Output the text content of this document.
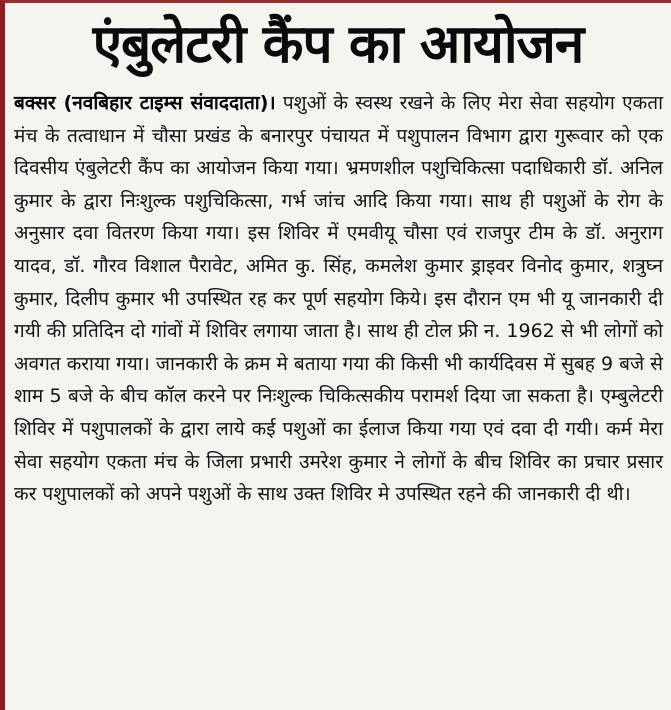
एंबुलेटरी कैंप का आयोजन

बक्सर (नवबिहार टाइम्स संवाददाता)। पशुओं के स्वस्थ रखने के लिए मेरा सेवा सहयोग एकता मंच के तत्वाधान में चौसा प्रखंड के बनारपुर पंचायत में पशुपालन विभाग द्वारा गुरूवार को एक दिवसीय एंबुलेटरी कैंप का आयोजन किया गया। भ्रमणशील पशुचिकित्सा पदाधिकारी डॉ. अनिल कुमार के द्वारा निःशुल्क पशुचिकित्सा, गर्भ जांच आदि किया गया। साथ ही पशुओं के रोग के अनुसार दवा वितरण किया गया। इस शिविर में एमवीयू चौसा एवं राजपुर टीम के डॉ. अनुराग यादव, डॉ. गौरव विशाल पैरावेट, अमित कु. सिंह, कमलेश कुमार ड्राइवर विनोद कुमार, शत्रुघ्न कुमार, दिलीप कुमार भी उपस्थित रह कर पूर्ण सहयोग किये। इस दौरान एम भी यू जानकारी दी गयी की प्रतिदिन दो गांवों में शिविर लगाया जाता है। साथ ही टोल फ्री न. 1962 से भी लोगों को अवगत कराया गया। जानकारी के क्रम मे बताया गया की किसी भी कार्यदिवस में सुबह 9 बजे से शाम 5 बजे के बीच कॉल करने पर निःशुल्क चिकित्सकीय परामर्श दिया जा सकता है। एम्बुलेटरी शिविर में पशुपालकों के द्वारा लाये कई पशुओं का ईलाज किया गया एवं दवा दी गयी। कर्म मेरा सेवा सहयोग एकता मंच के जिला प्रभारी उमरेश कुमार ने लोगों के बीच शिविर का प्रचार प्रसार कर पशुपालकों को अपने पशुओं के साथ उक्त शिविर मे उपस्थित रहने की जानकारी दी थी।
